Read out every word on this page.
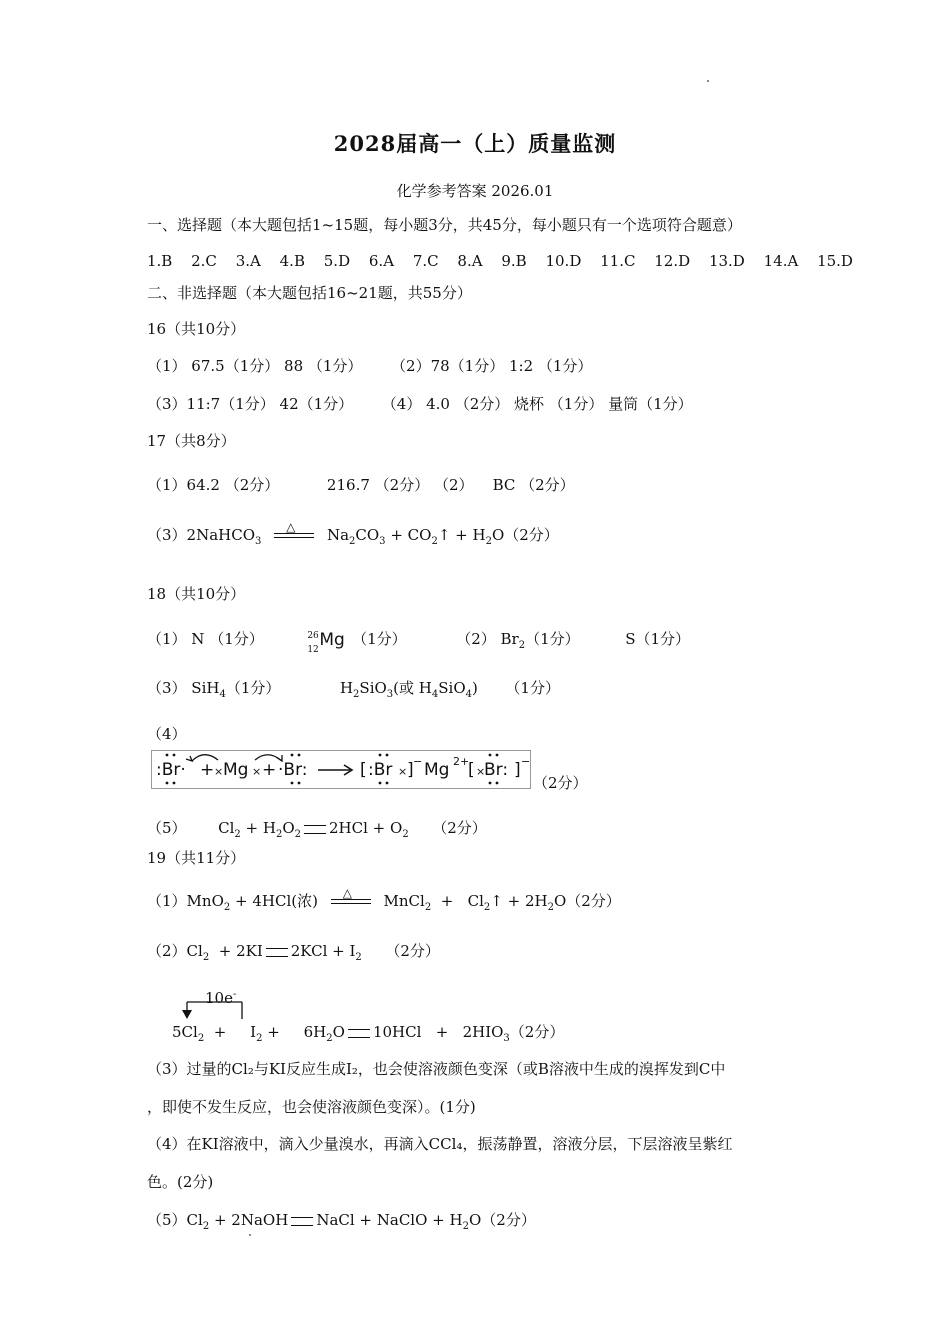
2028届高一（上）质量监测
化学参考答案 2026.01
一、选择题（本大题包括1~15题，每小题3分，共45分，每小题只有一个选项符合题意）
1.B 2.C 3.A 4.B 5.D 6.A 7.C 8.A 9.B 10.D 11.C 12.D 13.D 14.A 15.D
二、非选择题（本大题包括16~21题，共55分）
16（共10分）
（1） 67.5（1分） 88 （1分）      （2）78（1分） 1:2 （1分）
（3）11:7（1分） 42（1分）      （4） 4.0 （2分） 烧杯 （1分） 量筒（1分）
17（共8分）
（1）64.2 （2分）          216.7 （2分） （2）    BC （2分）
（3）2NaHCO$_3$
△ $Na_2CO_3$ + $CO_2↑ + H_2O(2$分）
18（共10分）
（1） N （1分）	26
12 Mg （1分）	（2） $Br_2(1$分）	S（1分）
（3） SiH$_4$（1分）	$H_2SiO_3$(或 $H_4SiO_4$) （1分）
（4）
:Br· + × Mg × + ·Br:	[ :Br × ] − Mg 2+
[ ×
Br: ] −
（2分）
（5）  $Cl_2 + H_2O_2$ $2HCl + O_2$ （2分）
19（共11分）
（1）MnO$_2$ + 4HCl(浓) △ MnCl$_2$  +   $Cl_2↑ + 2H_2O(2$分）
$(2)Cl_2 + 2KI$ $2KCl + I_2$ （2分）
10e-
$5Cl_2$  +     $I_2$ +     $6H_2O$ $10HCl + 2HIO_3(2$分）
（3）过量的Cl₂与KI反应生成I₂，也会使溶液颜色变深（或B溶液中生成的溴挥发到C中
，即使不发生反应，也会使溶液颜色变深）。(1分)
（4）在KI溶液中，滴入少量溴水，再滴入CCl₄，振荡静置，溶液分层，下层溶液呈紫红
色。(2分)
$(5)Cl_2$ + 2NaOH NaCl + NaClO + $H_2O(2$分）
